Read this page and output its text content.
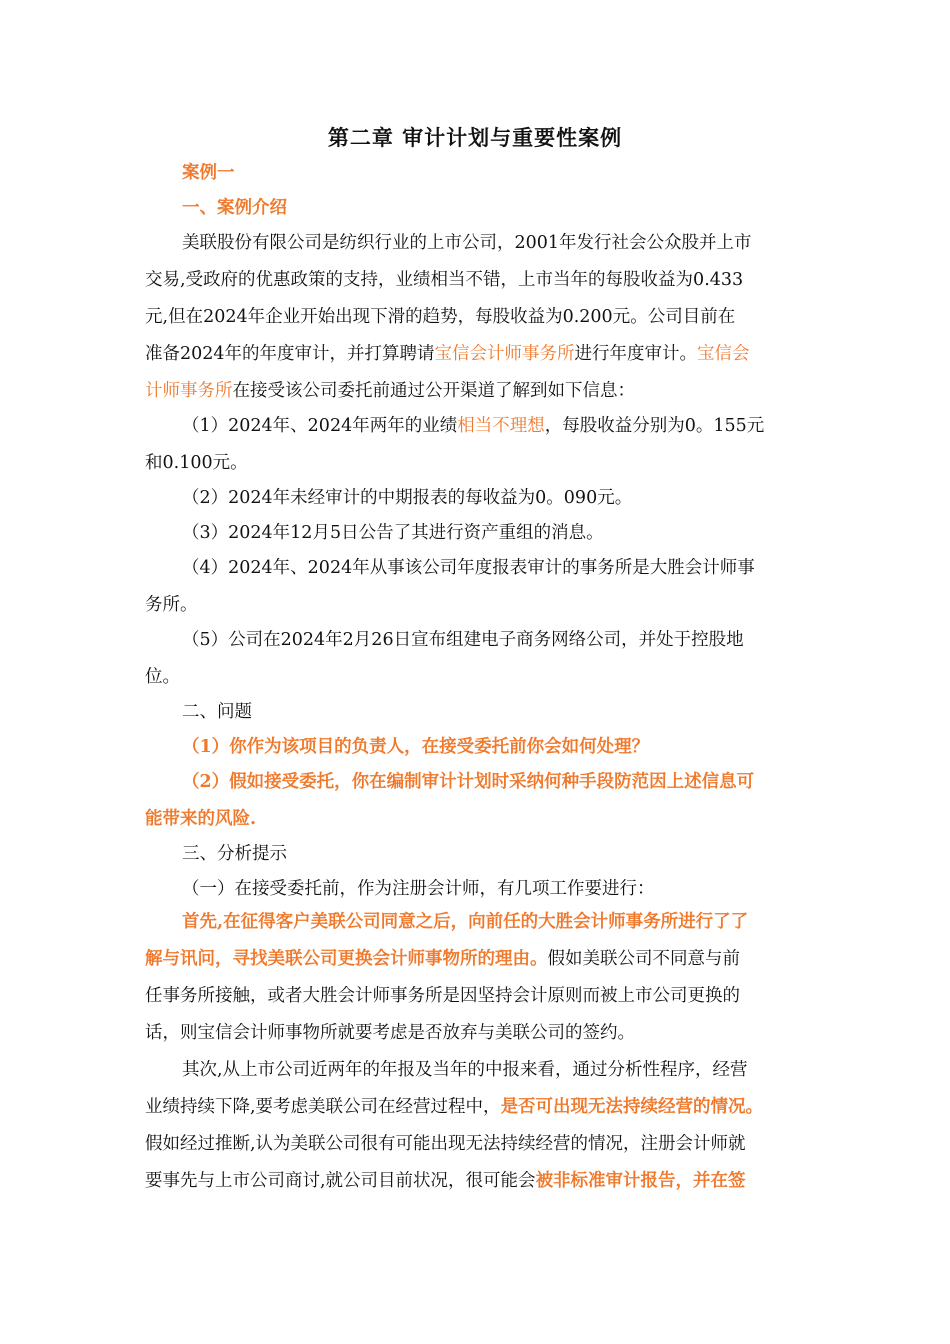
第二章 审计计划与重要性案例
案例一
一、案例介绍
美联股份有限公司是纺织行业的上市公司，2001年发行社会公众股并上市
交易,受政府的优惠政策的支持，业绩相当不错，上市当年的每股收益为0.433
元,但在2024年企业开始出现下滑的趋势，每股收益为0.200元。公司目前在
准备2024年的年度审计，并打算聘请宝信会计师事务所进行年度审计。宝信会
计师事务所在接受该公司委托前通过公开渠道了解到如下信息：
（1）2024年、2024年两年的业绩相当不理想，每股收益分别为0。155元
和0.100元。
（2）2024年未经审计的中期报表的每收益为0。090元。
（3）2024年12月5日公告了其进行资产重组的消息。
（4）2024年、2024年从事该公司年度报表审计的事务所是大胜会计师事
务所。
（5）公司在2024年2月26日宣布组建电子商务网络公司，并处于控股地
位。
二、问题
（1）你作为该项目的负责人，在接受委托前你会如何处理？
（2）假如接受委托，你在编制审计计划时采纳何种手段防范因上述信息可
能带来的风险.
三、分析提示
（一）在接受委托前，作为注册会计师，有几项工作要进行：
首先,在征得客户美联公司同意之后，向前任的大胜会计师事务所进行了了
解与讯问，寻找美联公司更换会计师事物所的理由。假如美联公司不同意与前
任事务所接触，或者大胜会计师事务所是因坚持会计原则而被上市公司更换的
话，则宝信会计师事物所就要考虑是否放弃与美联公司的签约。
其次,从上市公司近两年的年报及当年的中报来看，通过分析性程序，经营
业绩持续下降,要考虑美联公司在经营过程中，是否可出现无法持续经营的情况。
假如经过推断,认为美联公司很有可能出现无法持续经营的情况，注册会计师就
要事先与上市公司商讨,就公司目前状况，很可能会被非标准审计报告，并在签
